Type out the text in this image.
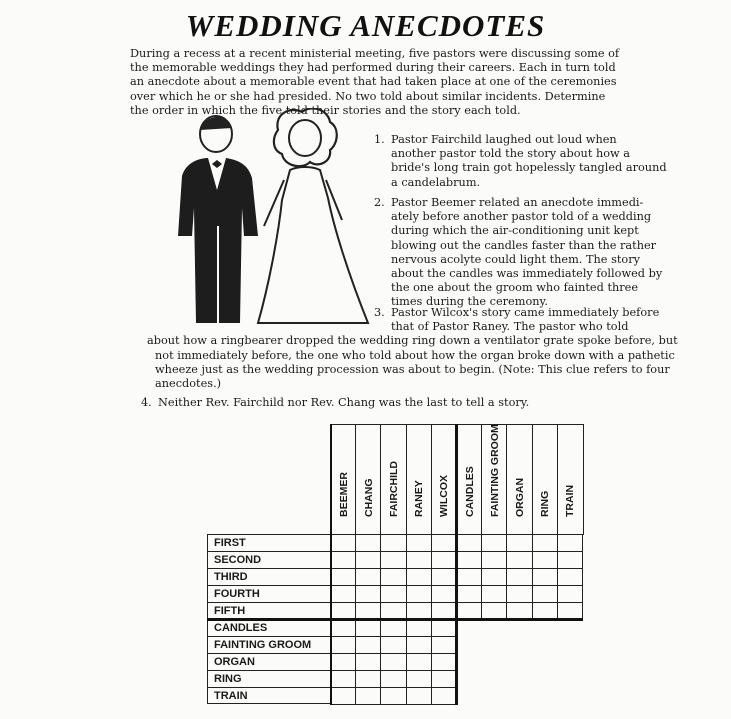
WEDDING ANECDOTES
During a recess at a recent ministerial meeting, five pastors were discussing some of the memorable weddings they had performed during their careers. Each in turn told an anecdote about a memorable event that had taken place at one of the ceremonies over which he or she had presided. No two told about similar incidents. Determine the order in which the five told their stories and the story each told.
1. Pastor Fairchild laughed out loud when
another pastor told the story about how a
bride's long train got hopelessly tangled around
a candelabrum.
2. Pastor Beemer related an anecdote immedi-
ately before another pastor told of a wedding
during which the air-conditioning unit kept
blowing out the candles faster than the rather
nervous acolyte could light them. The story
about the candles was immediately followed by
the one about the groom who fainted three
times during the ceremony.
3. Pastor Wilcox's story came immediately before
that of Pastor Raney. The pastor who told
about how a ringbearer dropped the wedding ring down a ventilator grate spoke before, but
not immediately before, the one who told about how the organ broke down with a pathetic
wheeze just as the wedding procession was about to begin. (Note: This clue refers to four
anecdotes.)
4. Neither Rev. Fairchild nor Rev. Chang was the last to tell a story.
BEEMER CHANG FAIRCHILD RANEY WILCOX CANDLES FAINTING GROOM ORGAN RING TRAIN
FIRST
SECOND
THIRD
FOURTH
FIFTH
CANDLES
FAINTING GROOM
ORGAN
RING
TRAIN
